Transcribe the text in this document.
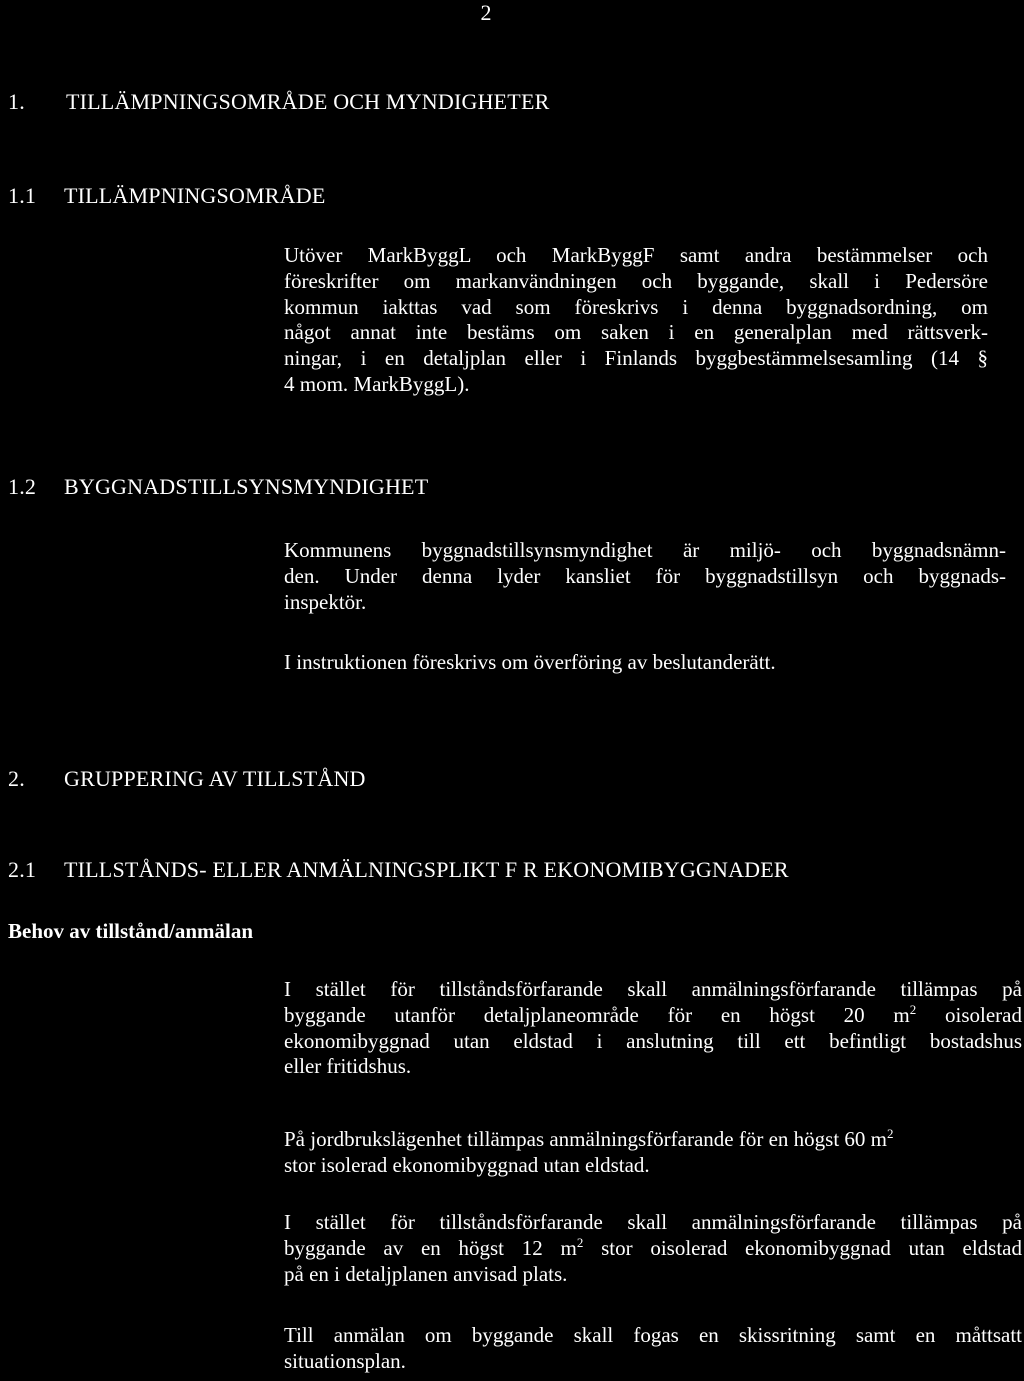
2
1. TILLÄMPNINGSOMRÅDE OCH MYNDIGHETER
1.1 TILLÄMPNINGSOMRÅDE
Utöver MarkByggL och MarkByggF samt andra bestämmelser och
föreskrifter om markanvändningen och byggande, skall i Pedersöre
kommun iakttas vad som föreskrivs i denna byggnadsordning, om
något annat inte bestäms om saken i en generalplan med rättsverk-
ningar, i en detaljplan eller i Finlands byggbestämmelsesamling (14 §
4 mom. MarkByggL).
1.2 BYGGNADSTILLSYNSMYNDIGHET
Kommunens byggnadstillsynsmyndighet är miljö- och byggnadsnämn-
den. Under denna lyder kansliet för byggnadstillsyn och byggnads-
inspektör.
I instruktionen föreskrivs om överföring av beslutanderätt.
2. GRUPPERING AV TILLSTÅND
2.1 TILLSTÅNDS- ELLER ANMÄLNINGSPLIKT F R EKONOMIBYGGNADER
Behov av tillstånd/anmälan
I stället för tillståndsförfarande skall anmälningsförfarande tillämpas på
byggande utanför detaljplaneområde för en högst 20 $m^2$ oisolerad
ekonomibyggnad utan eldstad i anslutning till ett befintligt bostadshus
eller fritidshus.
På jordbrukslägenhet tillämpas anmälningsförfarande för en högst 60 $m^2$
stor isolerad ekonomibyggnad utan eldstad.
I stället för tillståndsförfarande skall anmälningsförfarande tillämpas på
byggande av en högst 12 $m^2$ stor oisolerad ekonomibyggnad utan eldstad
på en i detaljplanen anvisad plats.
Till anmälan om byggande skall fogas en skissritning samt en måttsatt
situationsplan.
